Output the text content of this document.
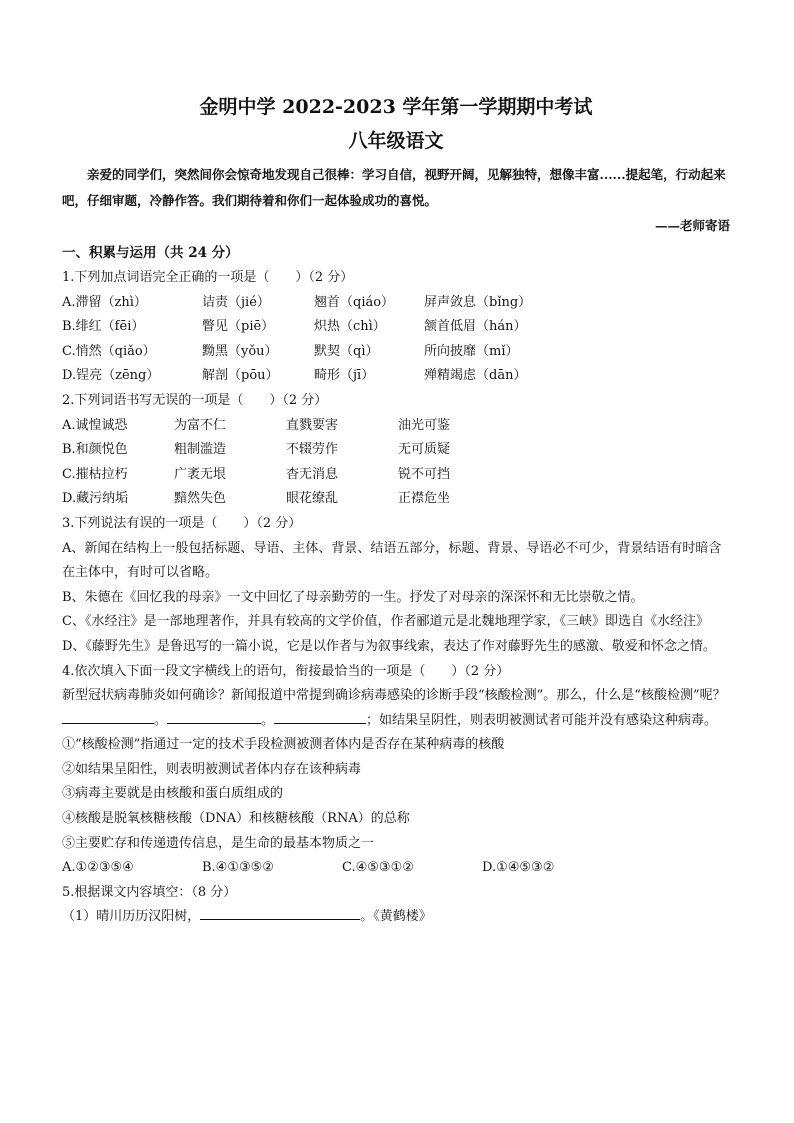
金明中学 2022-2023 学年第一学期期中考试

八年级语文

亲爱的同学们，突然间你会惊奇地发现自己很棒：学习自信，视野开阔，见解独特，想像丰富......提起笔，行动起来吧，仔细审题，冷静作答。我们期待着和你们一起体验成功的喜悦。

——老师寄语

一、积累与运用（共 24 分）

1.下列加点词语完全正确的一项是（　　）（2 分）

A.滞留（zhì）	诘责（jié）	翘首（qiáo）	屏声敛息（bǐng）
B.绯红（fēi）	瞥见（piē）	炽热（chì）	颔首低眉（hán）
C.悄然（qiǎo）	黝黑（yǒu）	默契（qì）	所向披靡（mǐ）
D.锃亮（zēng）	解剖（pōu）	畸形（jī）	殚精竭虑（dān）

2.下列词语书写无误的一项是（　　）（2 分）

A.诚惶诚恐	为富不仁	直戮要害	油光可鉴
B.和颜悦色	粗制滥造	不辍劳作	无可质疑
C.摧枯拉朽	广袤无垠	杳无消息	锐不可挡
D.藏污纳垢	黯然失色	眼花缭乱	正襟危坐

3.下列说法有误的一项是（　　）（2 分）

A、新闻在结构上一般包括标题、导语、主体、背景、结语五部分，标题、背景、导语必不可少，背景结语有时暗含在主体中，有时可以省略。

B、朱德在《回忆我的母亲》一文中回忆了母亲勤劳的一生。抒发了对母亲的深深怀和无比崇敬之情。

C、《水经注》是一部地理著作，并具有较高的文学价值，作者郦道元是北魏地理学家，《三峡》即选自《水经注》

D、《藤野先生》是鲁迅写的一篇小说，它是以作者与为叙事线索，表达了作对藤野先生的感激、敬爱和怀念之情。

4.依次填入下面一段文字横线上的语句，衔接最恰当的一项是（　　）（2 分）

新型冠状病毒肺炎如何确诊？新闻报道中常提到确诊病毒感染的诊断手段“核酸检测”。那么，什么是“核酸检测”呢？。	。	；如结果呈阴性，则表明被测试者可能并没有感染这种病毒。

①“核酸检测”指通过一定的技术手段检测被测者体内是否存在某种病毒的核酸

②如结果呈阳性，则表明被测试者体内存在该种病毒

③病毒主要就是由核酸和蛋白质组成的

④核酸是脱氧核糖核酸（DNA）和核糖核酸（RNA）的总称

⑤主要贮存和传递遗传信息，是生命的最基本物质之一

A.①②③⑤④	B.④①③⑤②	C.④⑤③①②	D.①④⑤③②

5.根据课文内容填空：（8 分）

（1）晴川历历汉阳树，	。《黄鹤楼》
